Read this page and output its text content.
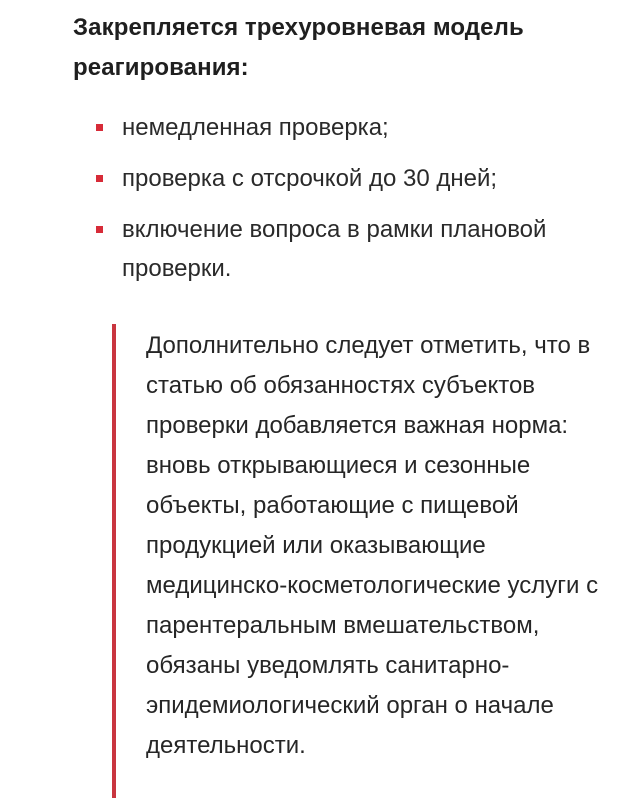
Закрепляется трехуровневая модель реагирования:
немедленная проверка;
проверка с отсрочкой до 30 дней;
включение вопроса в рамки плановой проверки.

Дополнительно следует отметить, что в статью об обязанностях субъектов проверки добавляется важная норма: вновь открывающиеся и сезонные объекты, работающие с пищевой продукцией или оказывающие медицинско-косметологические услуги с парентеральным вмешательством, обязаны уведомлять санитарно-эпидемиологический орган о начале деятельности.
